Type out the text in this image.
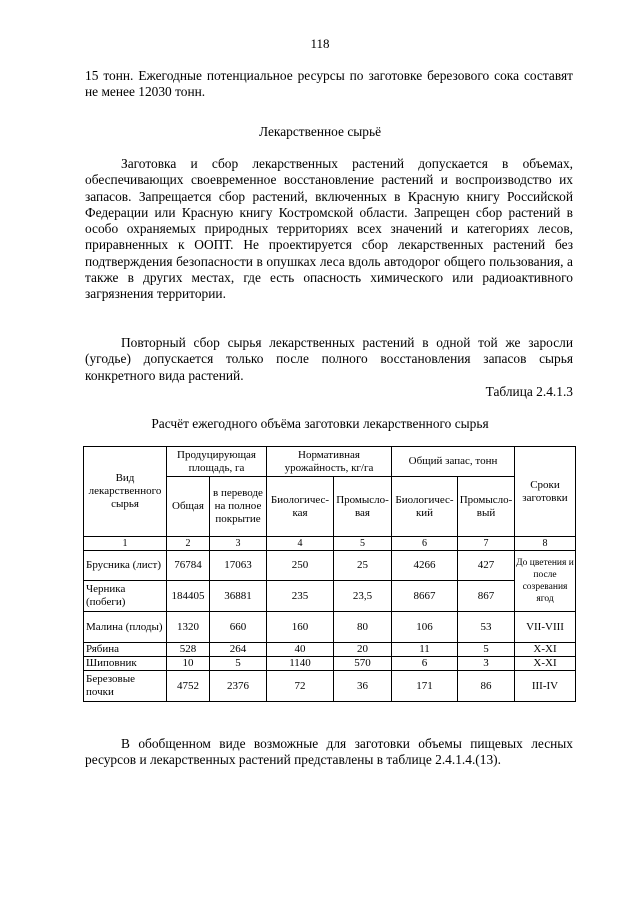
118
15 тонн. Ежегодные потенциальное ресурсы по заготовке березового сока составят не менее 12030 тонн.
Лекарственное сырьё
Заготовка и сбор лекарственных растений допускается в объемах, обеспечивающих своевременное восстановление растений и воспроизводство их запасов. Запрещается сбор растений, включенных в Красную книгу Российской Федерации или Красную книгу Костромской области. Запрещен сбор растений в особо охраняемых природных территориях всех значений и категориях лесов, приравненных к ООПТ. Не проектируется сбор лекарственных растений без подтверждения безопасности в опушках леса вдоль автодорог общего пользования, а также в других местах, где есть опасность химического или радиоактивного загрязнения территории.
Повторный сбор сырья лекарственных растений в одной той же заросли (угодье) допускается только после полного восстановления запасов сырья конкретного вида растений.
Таблица 2.4.1.3
Расчёт ежегодного объёма заготовки лекарственного сырья
Вид лекарственного сырья	Продуцирующая площадь, га		Нормативная урожайность, кг/га		Общий запас, тонн		Сроки заготовки
	Общая	в переводе на полное покрытие	Биологичес-кая	Промысло-вая	Биологичес-кий	Промысло-вый	
1	2	3	4	5	6	7	8
Брусника (лист)	76784	17063	250	25	4266	427	До цветения и после созревания ягод
Черника (побеги)	184405	36881	235	23,5	8667	867	
Малина (плоды)	1320	660	160	80	106	53	VII-VIII
Рябина	528	264	40	20	11	5	X-XI
Шиповник	10	5	1140	570	6	3	X-XI
Березовые почки	4752	2376	72	36	171	86	III-IV
В обобщенном виде возможные для заготовки объемы пищевых лесных ресурсов и лекарственных растений представлены в таблице 2.4.1.4.(13).
